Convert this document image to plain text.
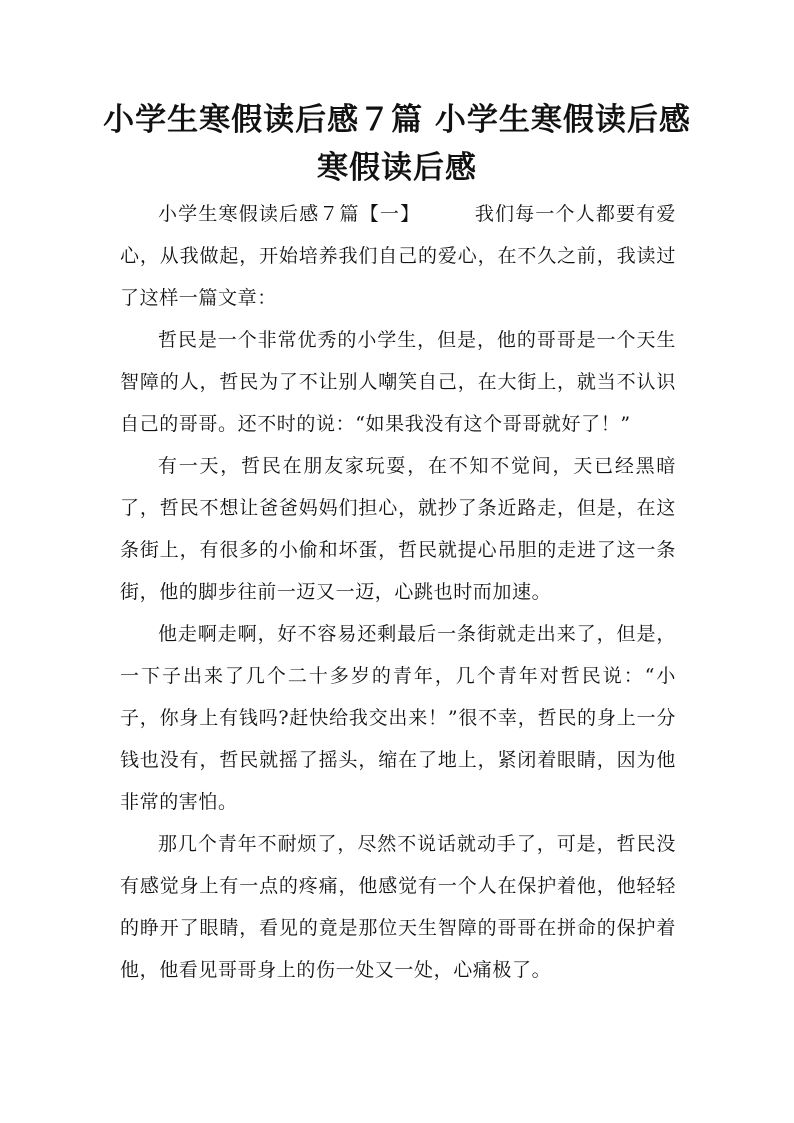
小学生寒假读后感７篇 小学生寒假读后感 寒假读后感

小学生寒假读后感７篇【一】	我们每一个人都要有爱心，从我做起，开始培养我们自己的爱心，在不久之前，我读过了这样一篇文章：

哲民是一个非常优秀的小学生，但是，他的哥哥是一个天生智障的人，哲民为了不让别人嘲笑自己，在大街上，就当不认识自己的哥哥。还不时的说：“如果我没有这个哥哥就好了！”

有一天，哲民在朋友家玩耍，在不知不觉间，天已经黑暗了，哲民不想让爸爸妈妈们担心，就抄了条近路走，但是，在这条街上，有很多的小偷和坏蛋，哲民就提心吊胆的走进了这一条街，他的脚步往前一迈又一迈，心跳也时而加速。

他走啊走啊，好不容易还剩最后一条街就走出来了，但是，一下子出来了几个二十多岁的青年，几个青年对哲民说：“小子，你身上有钱吗?赶快给我交出来！”很不幸，哲民的身上一分钱也没有，哲民就摇了摇头，缩在了地上，紧闭着眼睛，因为他非常的害怕。

那几个青年不耐烦了，尽然不说话就动手了，可是，哲民没有感觉身上有一点的疼痛，他感觉有一个人在保护着他，他轻轻的睁开了眼睛，看见的竟是那位天生智障的哥哥在拼命的保护着他，他看见哥哥身上的伤一处又一处，心痛极了。
